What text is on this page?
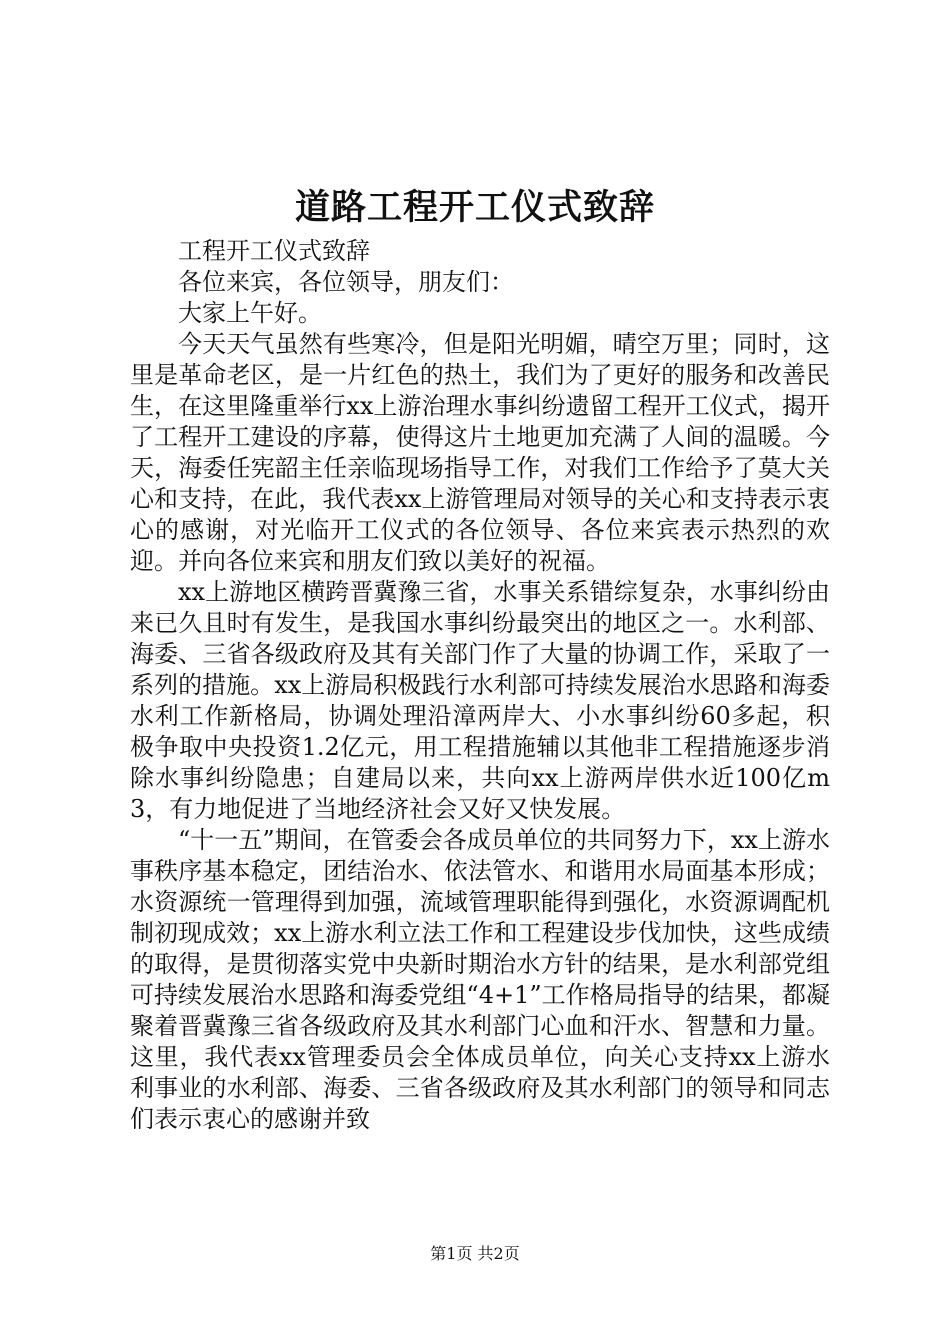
道路工程开工仪式致辞

工程开工仪式致辞

各位来宾，各位领导，朋友们：

大家上午好。

今天天气虽然有些寒冷，但是阳光明媚，晴空万里；同时，这里是革命老区，是一片红色的热土，我们为了更好的服务和改善民生，在这里隆重举行xx上游治理水事纠纷遗留工程开工仪式，揭开了工程开工建设的序幕，使得这片土地更加充满了人间的温暖。今天，海委任宪韶主任亲临现场指导工作，对我们工作给予了莫大关心和支持，在此，我代表xx上游管理局对领导的关心和支持表示衷心的感谢，对光临开工仪式的各位领导、各位来宾表示热烈的欢迎。并向各位来宾和朋友们致以美好的祝福。

xx上游地区横跨晋冀豫三省，水事关系错综复杂，水事纠纷由来已久且时有发生，是我国水事纠纷最突出的地区之一。水利部、海委、三省各级政府及其有关部门作了大量的协调工作，采取了一系列的措施。xx上游局积极践行水利部可持续发展治水思路和海委水利工作新格局，协调处理沿漳两岸大、小水事纠纷60多起，积极争取中央投资1.2亿元，用工程措施辅以其他非工程措施逐步消除水事纠纷隐患；自建局以来，共向xx上游两岸供水近100亿m3，有力地促进了当地经济社会又好又快发展。

“十一五”期间，在管委会各成员单位的共同努力下，xx上游水事秩序基本稳定，团结治水、依法管水、和谐用水局面基本形成；水资源统一管理得到加强，流域管理职能得到强化，水资源调配机制初现成效；xx上游水利立法工作和工程建设步伐加快，这些成绩的取得，是贯彻落实党中央新时期治水方针的结果，是水利部党组可持续发展治水思路和海委党组“4+1”工作格局指导的结果，都凝聚着晋冀豫三省各级政府及其水利部门心血和汗水、智慧和力量。这里，我代表xx管理委员会全体成员单位，向关心支持xx上游水利事业的水利部、海委、三省各级政府及其水利部门的领导和同志们表示衷心的感谢并致

第1页 共2页
